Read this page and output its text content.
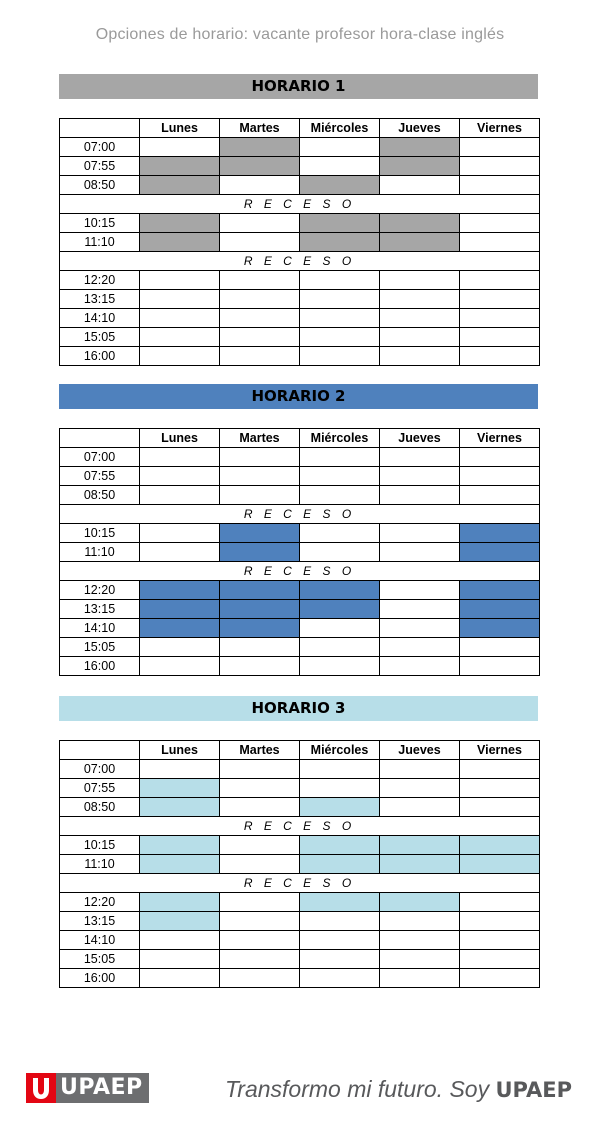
Opciones de horario: vacante profesor hora-clase inglés
HORARIO 1
	Lunes	Martes	Miércoles	Jueves	Viernes
07:00					
07:55					
08:50					
R E C E S O					
10:15					
11:10					
R E C E S O					
12:20					
13:15					
14:10					
15:05					
16:00					
HORARIO 2
	Lunes	Martes	Miércoles	Jueves	Viernes
07:00					
07:55					
08:50					
R E C E S O					
10:15					
11:10					
R E C E S O					
12:20					
13:15					
14:10					
15:05					
16:00					
HORARIO 3
	Lunes	Martes	Miércoles	Jueves	Viernes
07:00					
07:55					
08:50					
R E C E S O					
10:15					
11:10					
R E C E S O					
12:20					
13:15					
14:10					
15:05					
16:00					
UPAEP	Transformo mi futuro. Soy UPAEP
